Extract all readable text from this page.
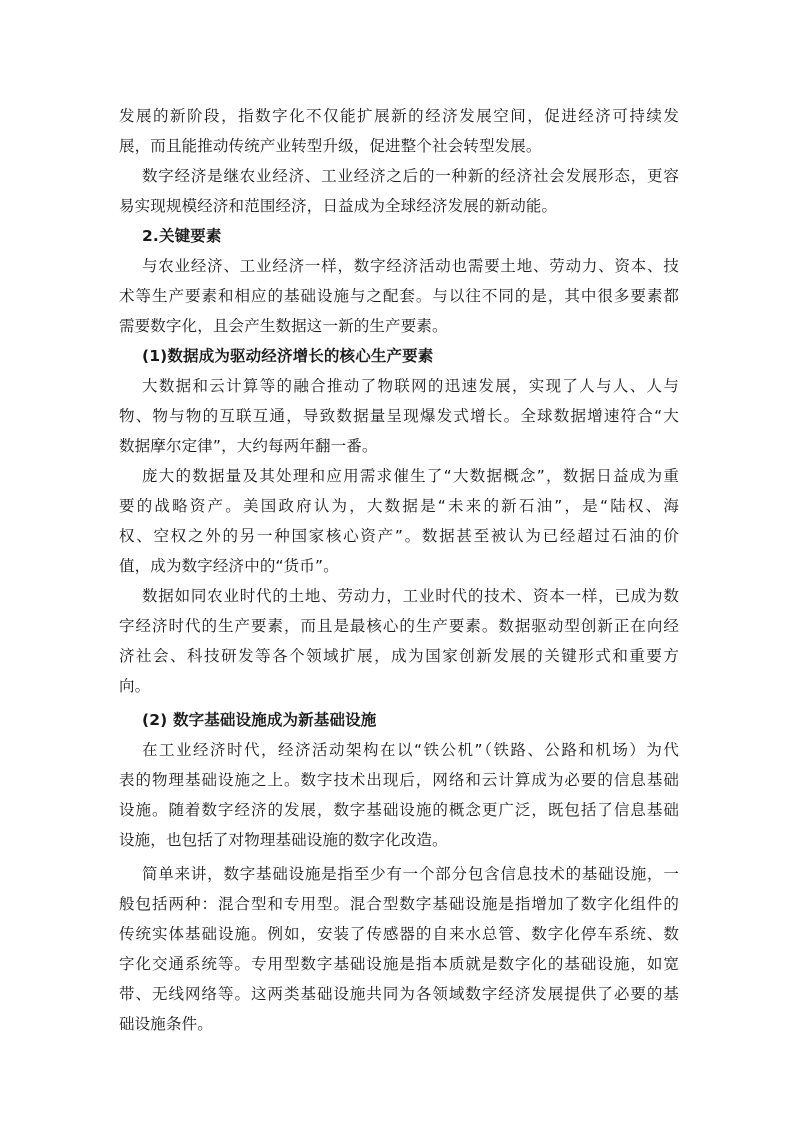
发展的新阶段，指数字化不仅能扩展新的经济发展空间，促进经济可持续发
展，而且能推动传统产业转型升级，促进整个社会转型发展。
数字经济是继农业经济、工业经济之后的一种新的经济社会发展形态，更容
易实现规模经济和范围经济，日益成为全球经济发展的新动能。
2.关键要素
与农业经济、工业经济一样，数字经济活动也需要土地、劳动力、资本、技
术等生产要素和相应的基础设施与之配套。与以往不同的是，其中很多要素都
需要数字化，且会产生数据这一新的生产要素。
(1)数据成为驱动经济增长的核心生产要素
大数据和云计算等的融合推动了物联网的迅速发展，实现了人与人、人与
物、物与物的互联互通，导致数据量呈现爆发式增长。全球数据增速符合“大
数据摩尔定律”，大约每两年翻一番。
庞大的数据量及其处理和应用需求催生了“大数据概念”，数据日益成为重
要的战略资产。美国政府认为，大数据是“未来的新石油”，是“陆权、海
权、空权之外的另一种国家核心资产”。数据甚至被认为已经超过石油的价
值，成为数字经济中的“货币”。
数据如同农业时代的土地、劳动力，工业时代的技术、资本一样，已成为数
字经济时代的生产要素，而且是最核心的生产要素。数据驱动型创新正在向经
济社会、科技研发等各个领域扩展，成为国家创新发展的关键形式和重要方
向。
(2) 数字基础设施成为新基础设施
在工业经济时代，经济活动架构在以“铁公机”（铁路、公路和机场）为代
表的物理基础设施之上。数字技术出现后，网络和云计算成为必要的信息基础
设施。随着数字经济的发展，数字基础设施的概念更广泛，既包括了信息基础
设施，也包括了对物理基础设施的数字化改造。
简单来讲，数字基础设施是指至少有一个部分包含信息技术的基础设施，一
般包括两种：混合型和专用型。混合型数字基础设施是指增加了数字化组件的
传统实体基础设施。例如，安装了传感器的自来水总管、数字化停车系统、数
字化交通系统等。专用型数字基础设施是指本质就是数字化的基础设施，如宽
带、无线网络等。这两类基础设施共同为各领域数字经济发展提供了必要的基
础设施条件。
